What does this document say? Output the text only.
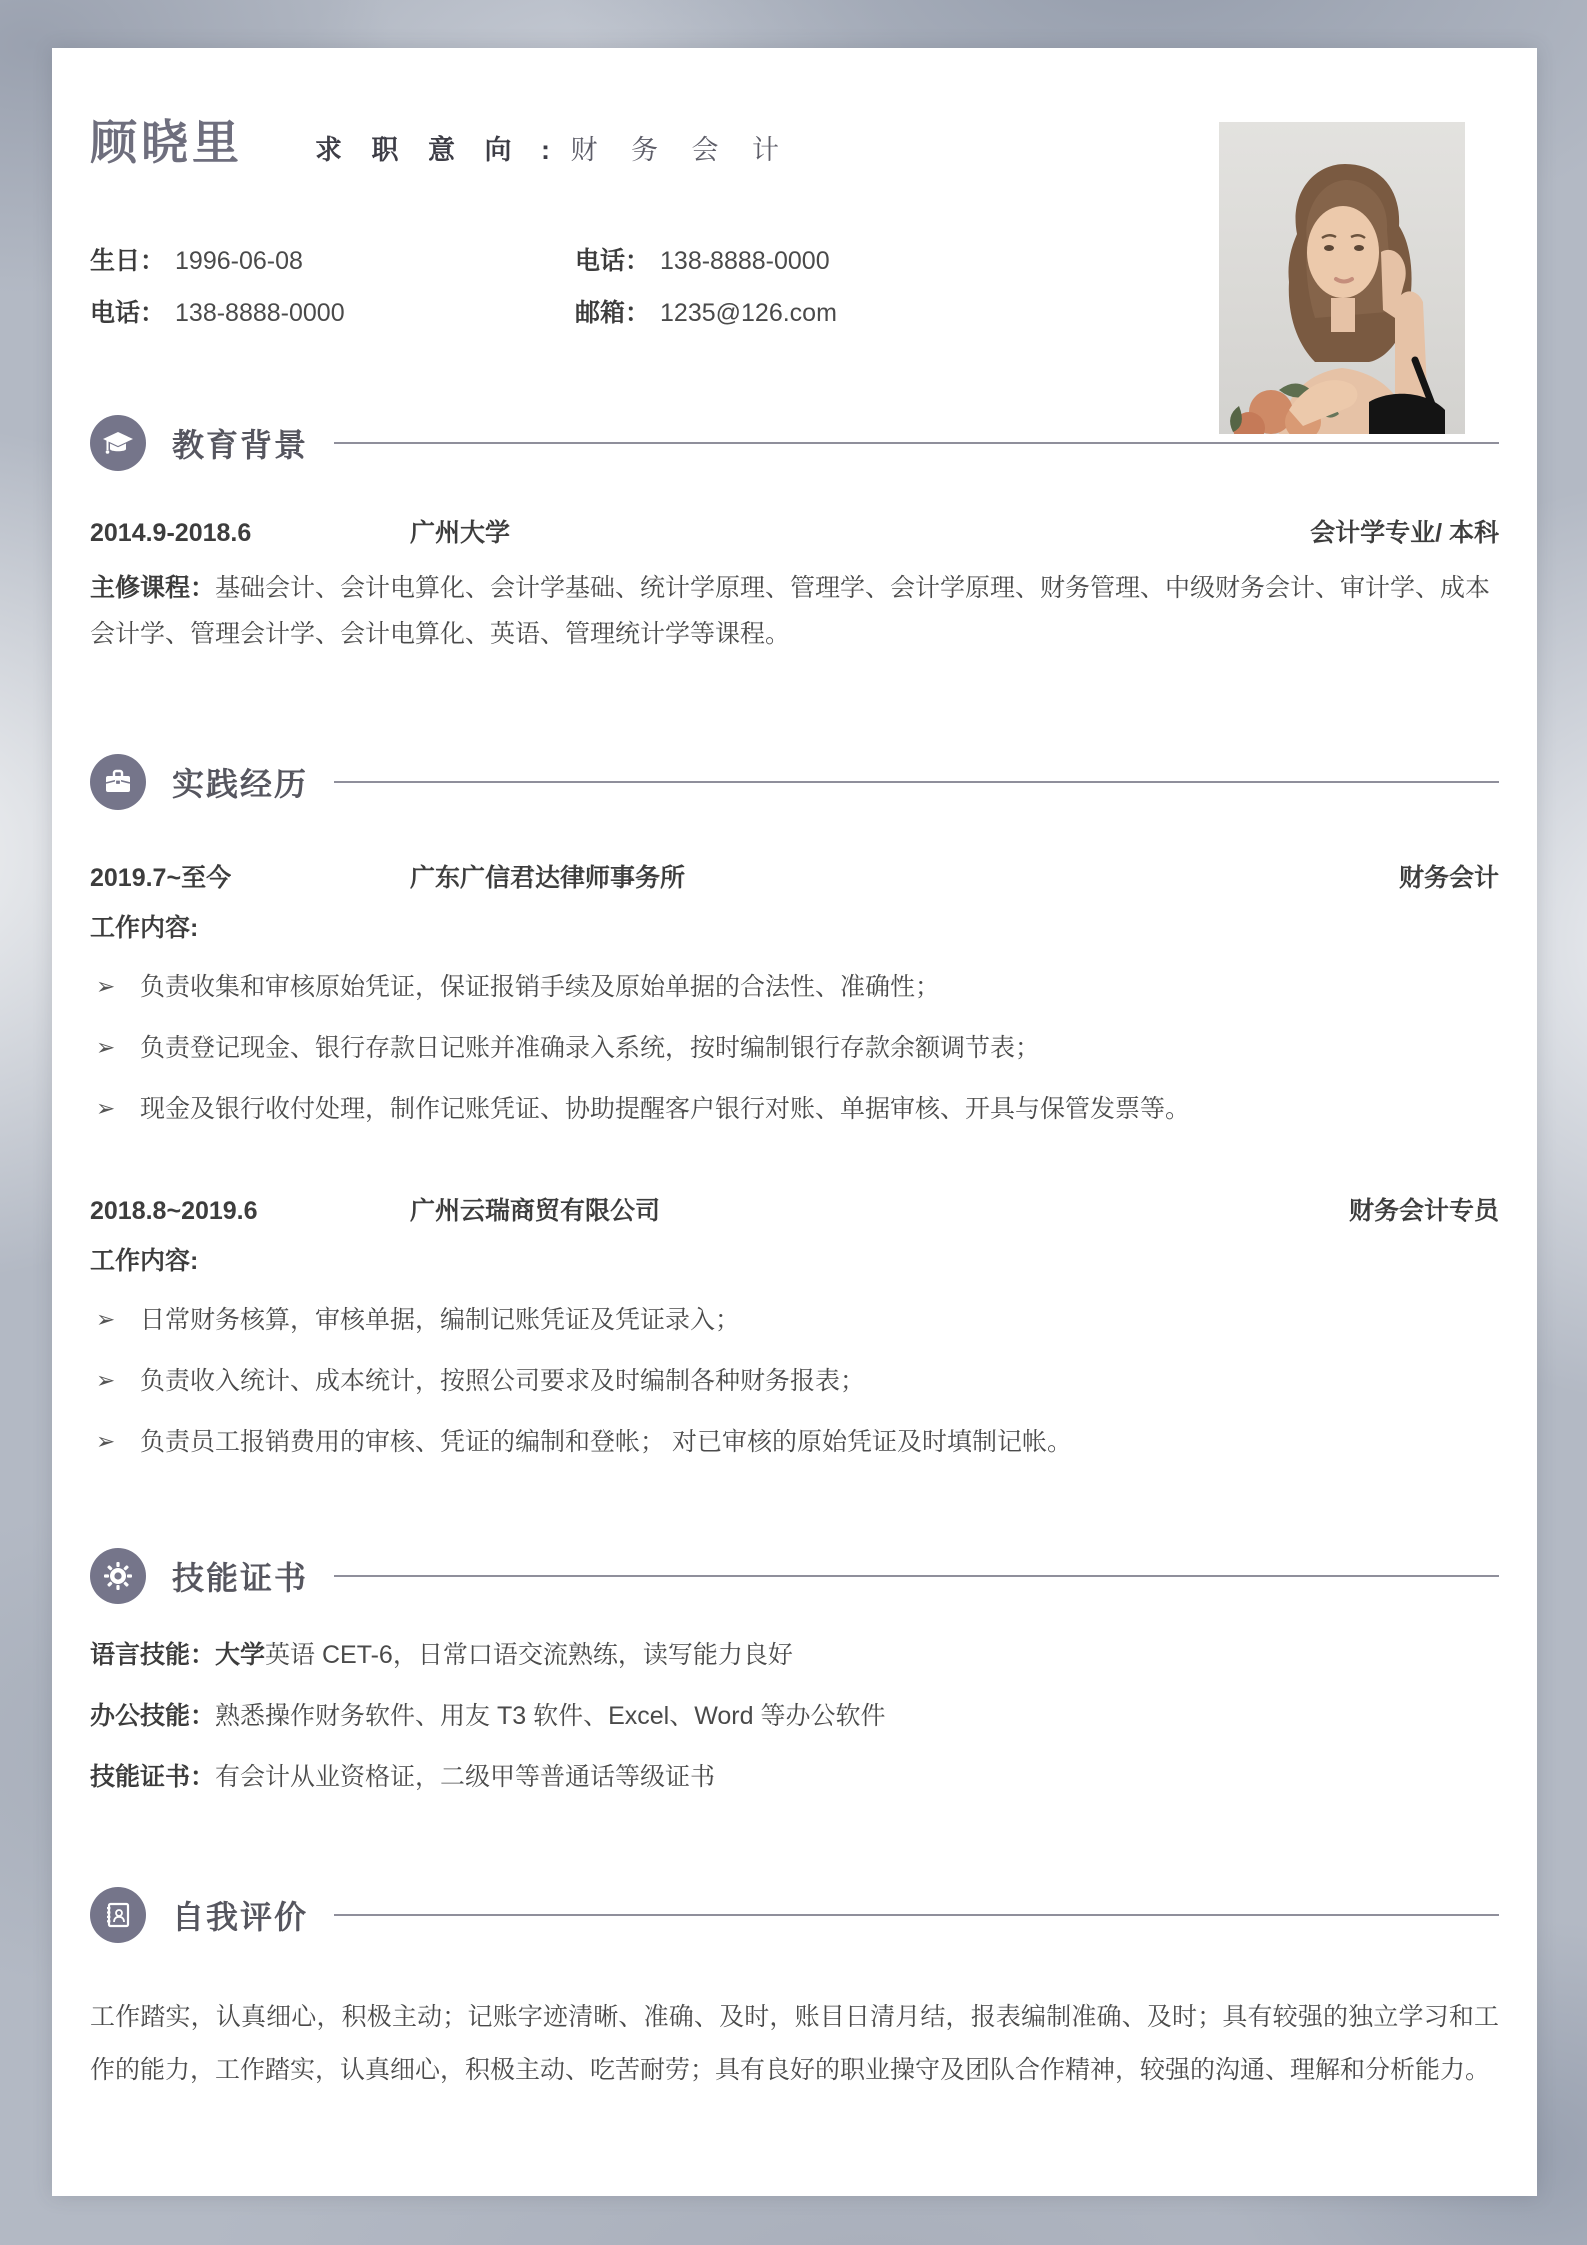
顾晓里	求 职 意 向 : 财 务 会 计
生日： 1996-06-08	电话： 138-8888-0000
电话： 138-8888-0000	邮箱： 1235@126.com
教育背景
2014.9-2018.6	广州大学	会计学专业/ 本科
主修课程：基础会计、会计电算化、会计学基础、统计学原理、管理学、会计学原理、财务管理、中级财务会计、审计学、成本会计学、管理会计学、会计电算化、英语、管理统计学等课程。
实践经历
2019.7~至今	广东广信君达律师事务所	财务会计
工作内容:
➢ 负责收集和审核原始凭证，保证报销手续及原始单据的合法性、准确性；
➢ 负责登记现金、银行存款日记账并准确录入系统，按时编制银行存款余额调节表；
➢ 现金及银行收付处理，制作记账凭证、协助提醒客户银行对账、单据审核、开具与保管发票等。
2018.8~2019.6	广州云瑞商贸有限公司	财务会计专员
工作内容:
➢ 日常财务核算，审核单据，编制记账凭证及凭证录入；
➢ 负责收入统计、成本统计，按照公司要求及时编制各种财务报表；
➢ 负责员工报销费用的审核、凭证的编制和登帐； 对已审核的原始凭证及时填制记帐。
技能证书
语言技能：大学英语 CET-6，日常口语交流熟练，读写能力良好
办公技能：熟悉操作财务软件、用友 T3 软件、Excel、Word 等办公软件
技能证书：有会计从业资格证，二级甲等普通话等级证书
自我评价
工作踏实，认真细心，积极主动；记账字迹清晰、准确、及时，账目日清月结，报表编制准确、及时；具有较强的独立学习和工作的能力，工作踏实，认真细心，积极主动、吃苦耐劳；具有良好的职业操守及团队合作精神，较强的沟通、理解和分析能力。
